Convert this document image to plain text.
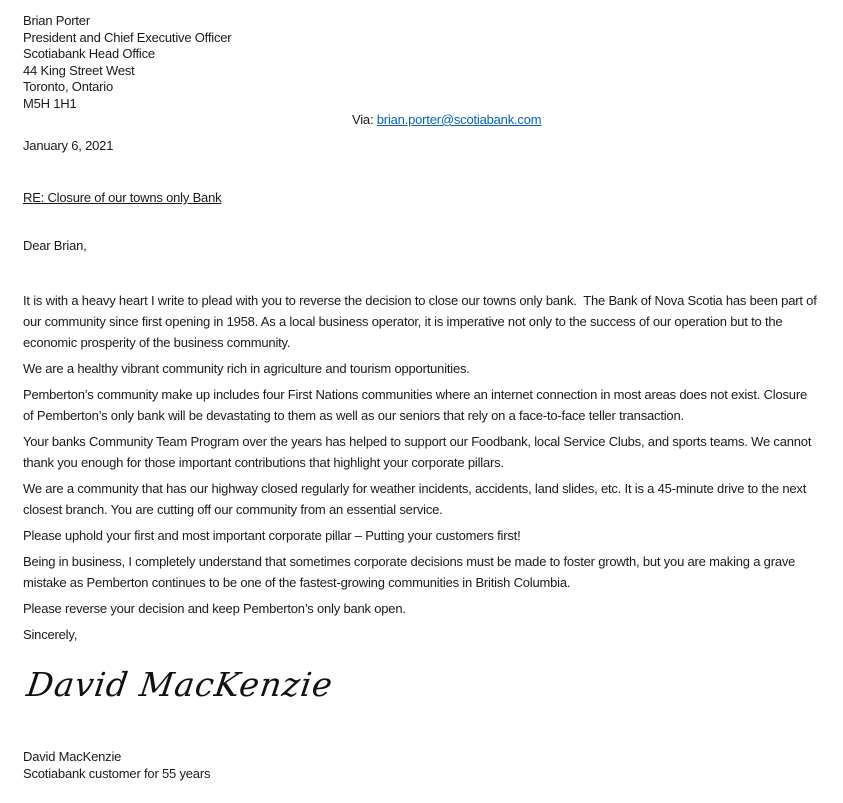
Brian Porter
President and Chief Executive Officer
Scotiabank Head Office
44 King Street West
Toronto, Ontario
M5H 1H1
Via: brian.porter@scotiabank.com
January 6, 2021
RE: Closure of our towns only Bank
Dear Brian,

It is with a heavy heart I write to plead with you to reverse the decision to close our towns only bank.  The Bank of Nova Scotia has been part of our community since first opening in 1958. As a local business operator, it is imperative not only to the success of our operation but to the economic prosperity of the business community.

We are a healthy vibrant community rich in agriculture and tourism opportunities.

Pemberton’s community make up includes four First Nations communities where an internet connection in most areas does not exist. Closure of Pemberton’s only bank will be devastating to them as well as our seniors that rely on a face-to-face teller transaction.

Your banks Community Team Program over the years has helped to support our Foodbank, local Service Clubs, and sports teams. We cannot thank you enough for those important contributions that highlight your corporate pillars.

We are a community that has our highway closed regularly for weather incidents, accidents, land slides, etc. It is a 45-minute drive to the next closest branch. You are cutting off our community from an essential service.

Please uphold your first and most important corporate pillar – Putting your customers first!

Being in business, I completely understand that sometimes corporate decisions must be made to foster growth, but you are making a grave mistake as Pemberton continues to be one of the fastest-growing communities in British Columbia.

Please reverse your decision and keep Pemberton’s only bank open.

Sincerely,

David MacKenzie
David MacKenzie
Scotiabank customer for 55 years
